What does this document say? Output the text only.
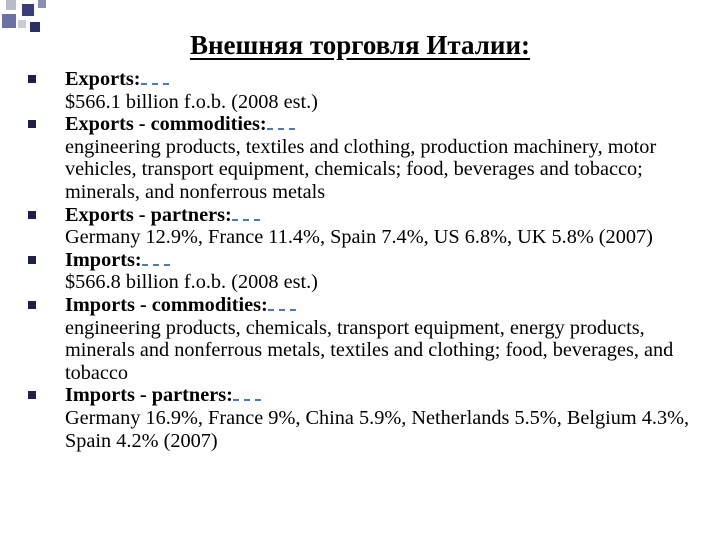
Внешняя торговля Италии:
Exports:
$566.1 billion f.o.b. (2008 est.)
Exports - commodities:
engineering products, textiles and clothing, production machinery, motor vehicles, transport equipment, chemicals; food, beverages and tobacco; minerals, and nonferrous metals
Exports - partners:
Germany 12.9%, France 11.4%, Spain 7.4%, US 6.8%, UK 5.8% (2007)
Imports:
$566.8 billion f.o.b. (2008 est.)
Imports - commodities:
engineering products, chemicals, transport equipment, energy products, minerals and nonferrous metals, textiles and clothing; food, beverages, and tobacco
Imports - partners:
Germany 16.9%, France 9%, China 5.9%, Netherlands 5.5%, Belgium 4.3%, Spain 4.2% (2007)
